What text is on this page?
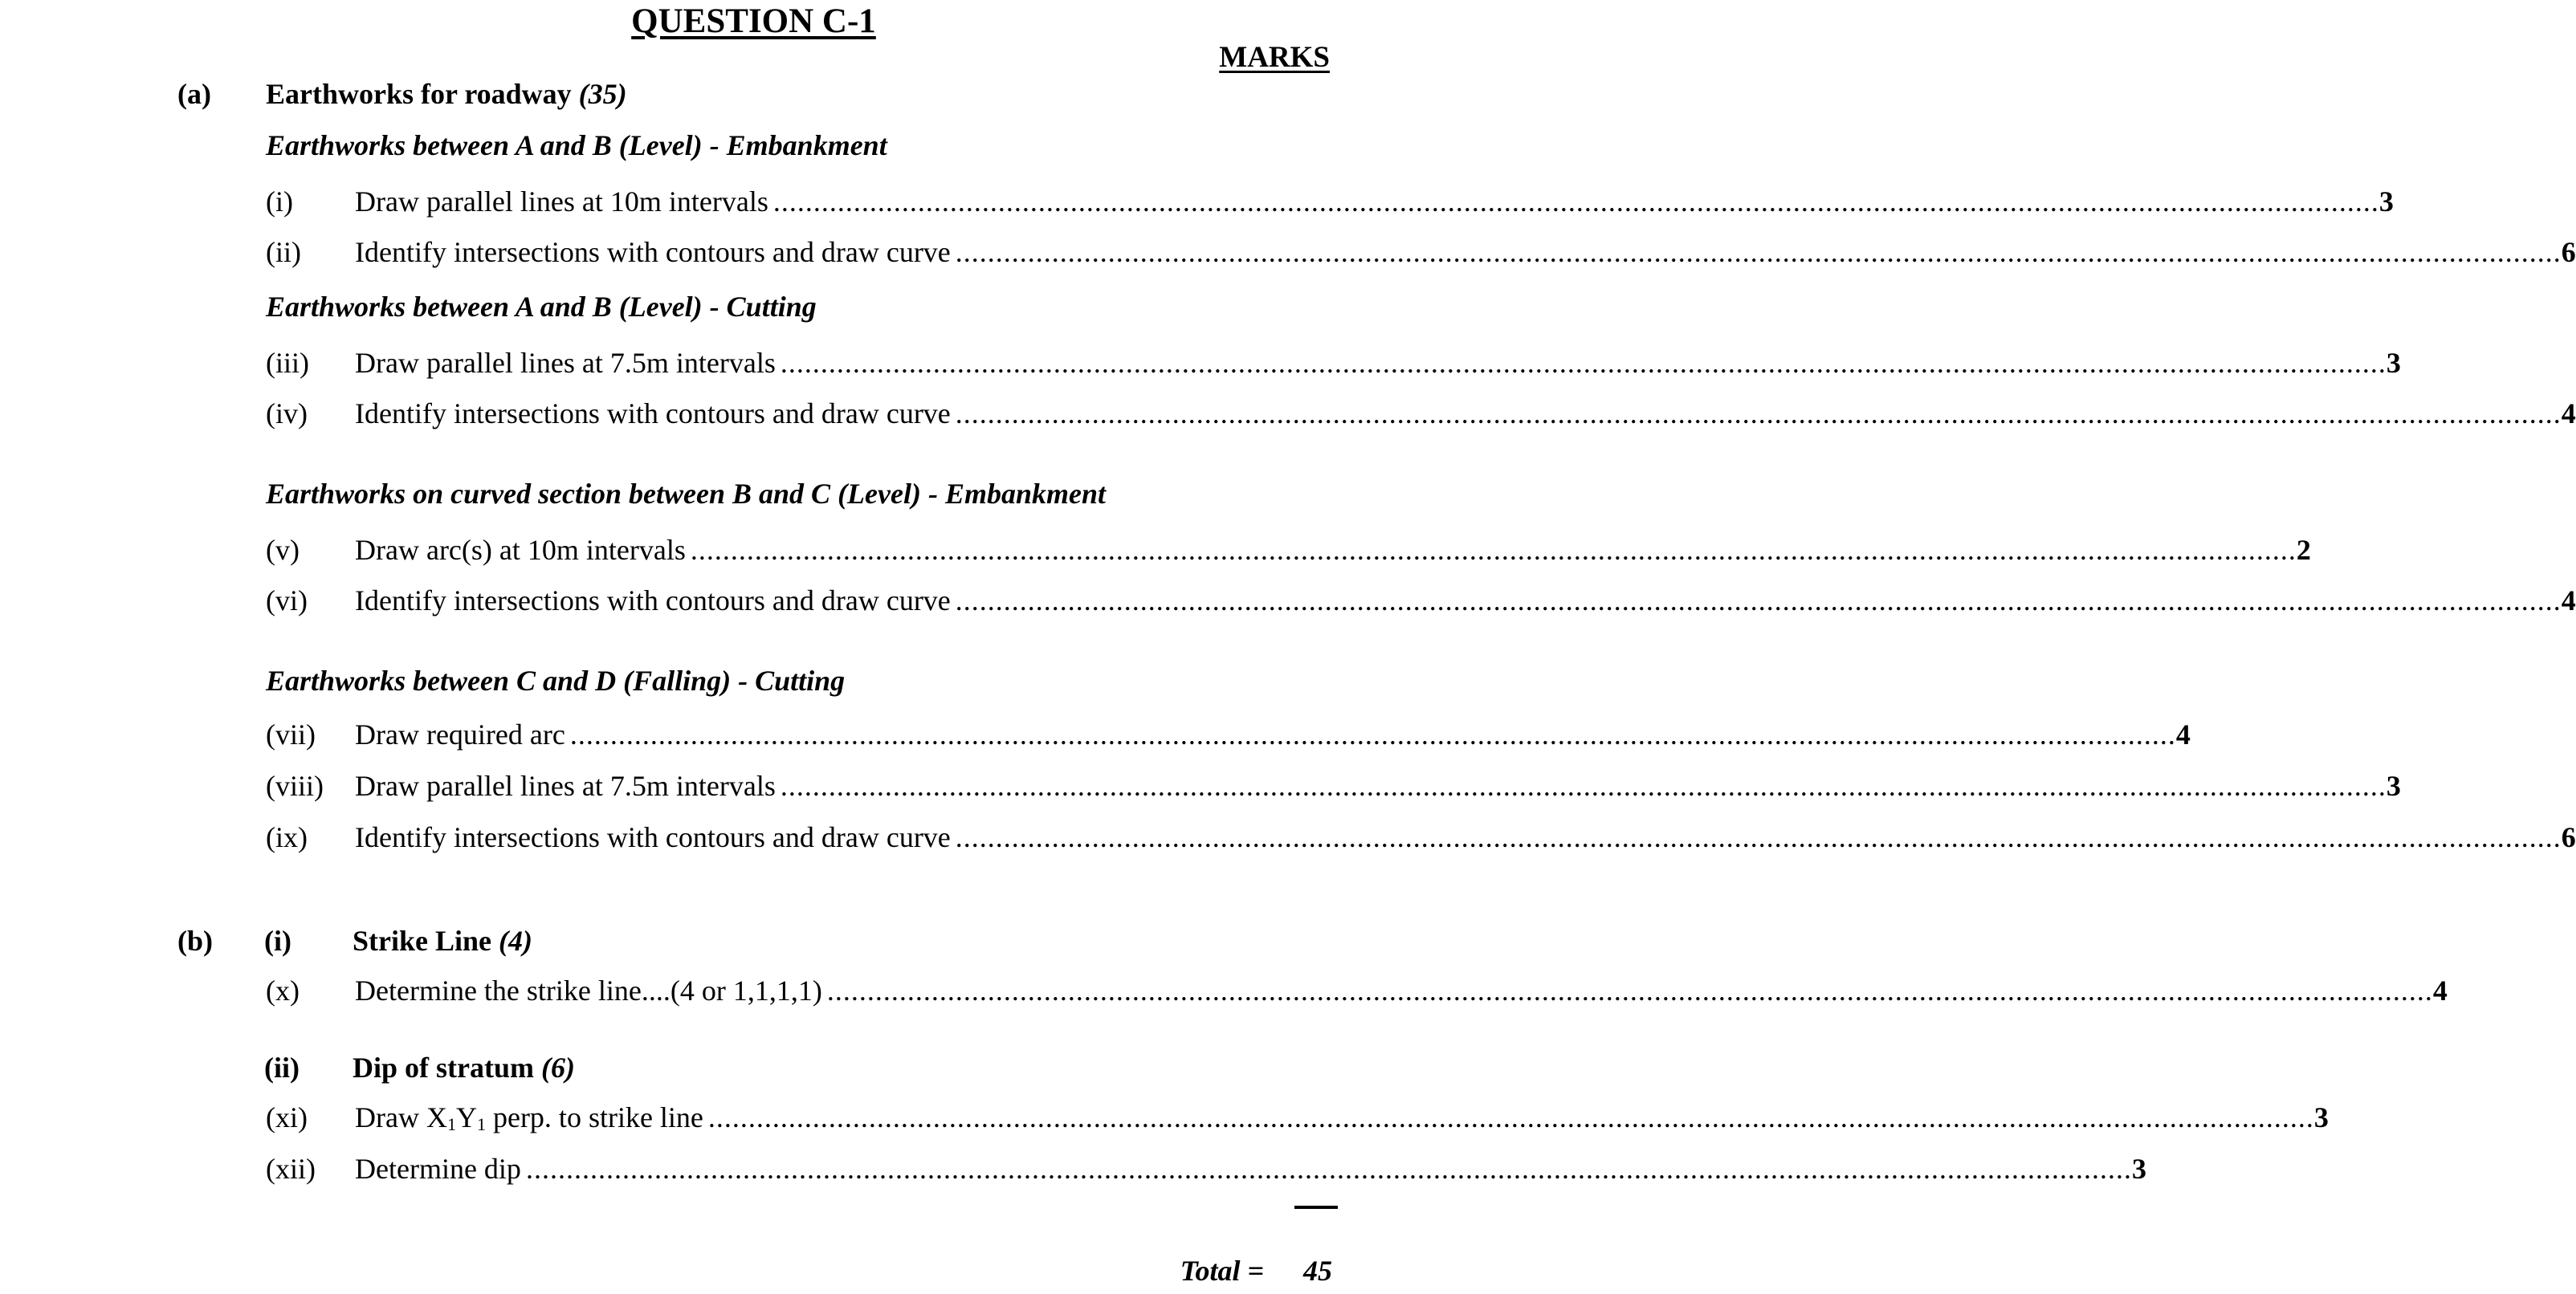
QUESTION C-1
MARKS
(a) Earthworks for roadway (35)
Earthworks between A and B (Level) - Embankment
(i)	Draw parallel lines at 10m intervals ........................................................................................................................................................................................................ 3
(ii)	Identify intersections with contours and draw curve ........................................................................................................................................................................................................ 6
Earthworks between A and B (Level) - Cutting
(iii)	Draw parallel lines at 7.5m intervals ........................................................................................................................................................................................................ 3
(iv)	Identify intersections with contours and draw curve ........................................................................................................................................................................................................ 4
Earthworks on curved section between B and C (Level) - Embankment
(v)	Draw arc(s) at 10m intervals ........................................................................................................................................................................................................ 2
(vi)	Identify intersections with contours and draw curve ........................................................................................................................................................................................................ 4
Earthworks between C and D (Falling) - Cutting
(vii)	Draw required arc ........................................................................................................................................................................................................ 4
(viii)	Draw parallel lines at 7.5m intervals ........................................................................................................................................................................................................ 3
(ix)	Identify intersections with contours and draw curve ........................................................................................................................................................................................................ 6
(b) (i) Strike Line (4)
(x)	Determine the strike line....(4 or 1,1,1,1) ........................................................................................................................................................................................................ 4
(ii) Dip of stratum (6)
(xi)	Draw $X_1Y_1$ perp. to strike line ........................................................................................................................................................................................................ 3
(xii)	Determine dip ........................................................................................................................................................................................................ 3
Total = 45
